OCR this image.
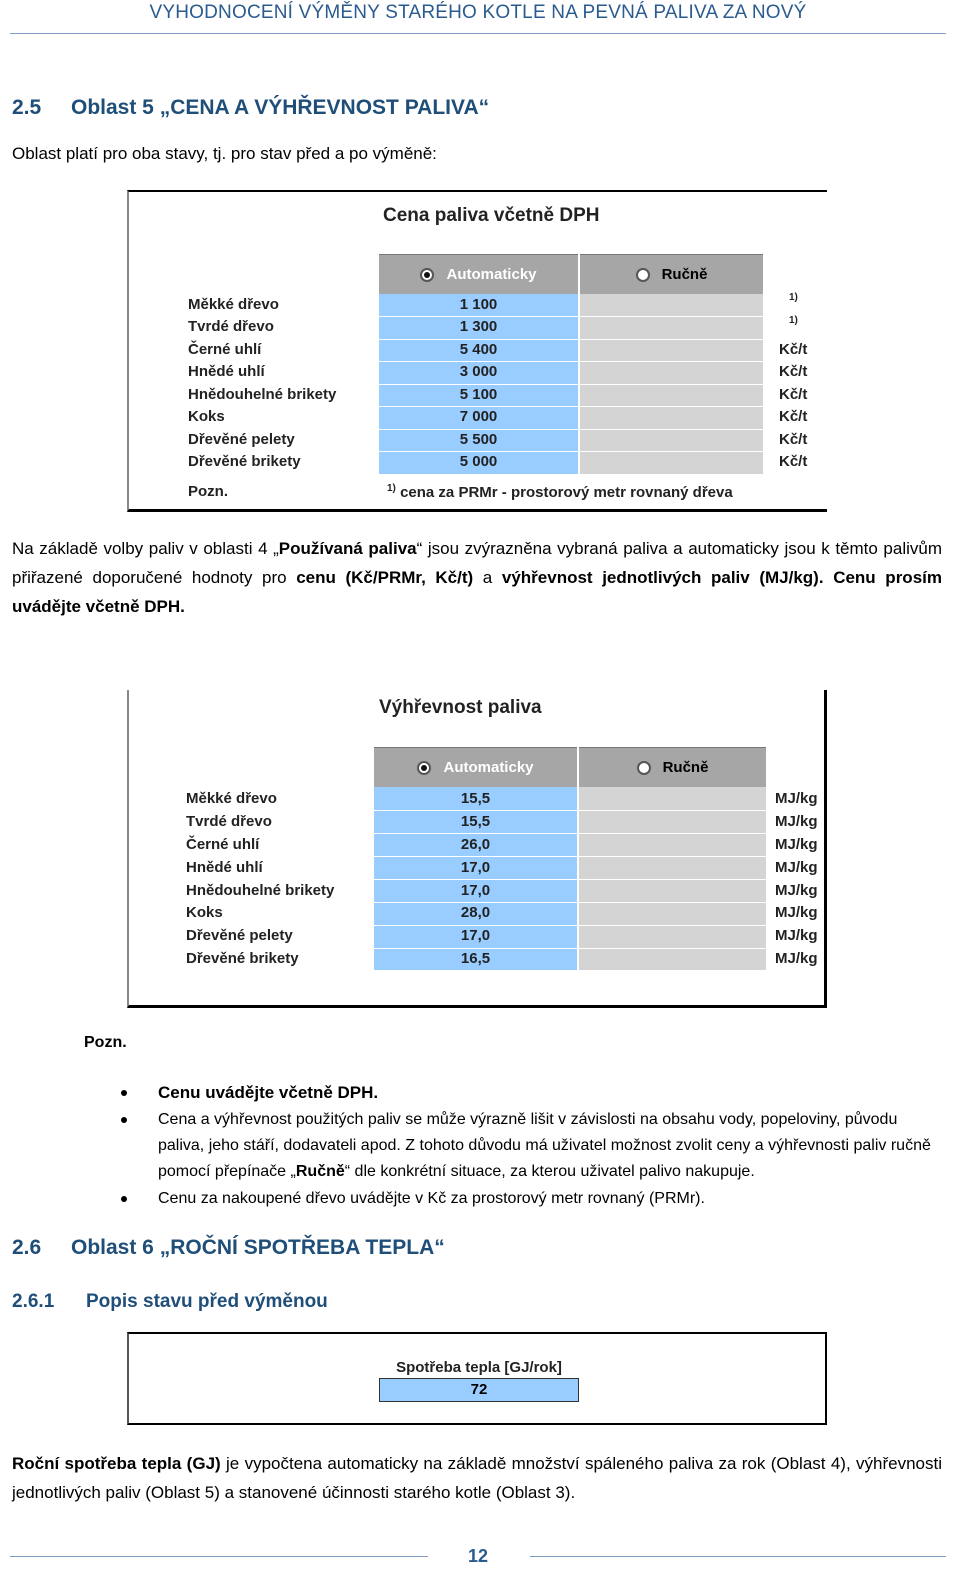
VYHODNOCENÍ VÝMĚNY STARÉHO KOTLE NA PEVNÁ PALIVA ZA NOVÝ
2.5 Oblast 5 „CENA A VÝHŘEVNOST PALIVA“
Oblast platí pro oba stavy, tj. pro stav před a po výměně:
Cena paliva včetně DPH
Automaticky	Ručně
Měkké dřevo	1 100	1)
Tvrdé dřevo	1 300	1)
Černé uhlí	5 400	Kč/t
Hnědé uhlí	3 000	Kč/t
Hnědouhelné brikety	5 100	Kč/t
Koks	7 000	Kč/t
Dřevěné pelety	5 500	Kč/t
Dřevěné brikety	5 000	Kč/t
Pozn.	$^{1)}$ cena za PRMr - prostorový metr rovnaný dřeva
Na základě volby paliv v oblasti 4 „Používaná paliva“ jsou zvýrazněna vybraná paliva a automaticky jsou k těmto palivům přiřazené doporučené hodnoty pro cenu (Kč/PRMr, Kč/t) a výhřevnost jednotlivých paliv (MJ/kg). Cenu prosím uvádějte včetně DPH.
Výhřevnost paliva
Automaticky	Ručně
Měkké dřevo	15,5	MJ/kg
Tvrdé dřevo	15,5	MJ/kg
Černé uhlí	26,0	MJ/kg
Hnědé uhlí	17,0	MJ/kg
Hnědouhelné brikety	17,0	MJ/kg
Koks	28,0	MJ/kg
Dřevěné pelety	17,0	MJ/kg
Dřevěné brikety	16,5	MJ/kg
Pozn.
Cenu uvádějte včetně DPH.
Cena a výhřevnost použitých paliv se může výrazně lišit v závislosti na obsahu vody, popeloviny, původu paliva, jeho stáří, dodavateli apod. Z tohoto důvodu má uživatel možnost zvolit ceny a výhřevnosti paliv ručně pomocí přepínače „Ručně“ dle konkrétní situace, za kterou uživatel palivo nakupuje.
Cenu za nakoupené dřevo uvádějte v Kč za prostorový metr rovnaný (PRMr).
2.6 Oblast 6 „ROČNÍ SPOTŘEBA TEPLA“
2.6.1 Popis stavu před výměnou
Spotřeba tepla [GJ/rok]
72
Roční spotřeba tepla (GJ) je vypočtena automaticky na základě množství spáleného paliva za rok (Oblast 4), výhřevnosti jednotlivých paliv (Oblast 5) a stanovené účinnosti starého kotle (Oblast 3).
12
